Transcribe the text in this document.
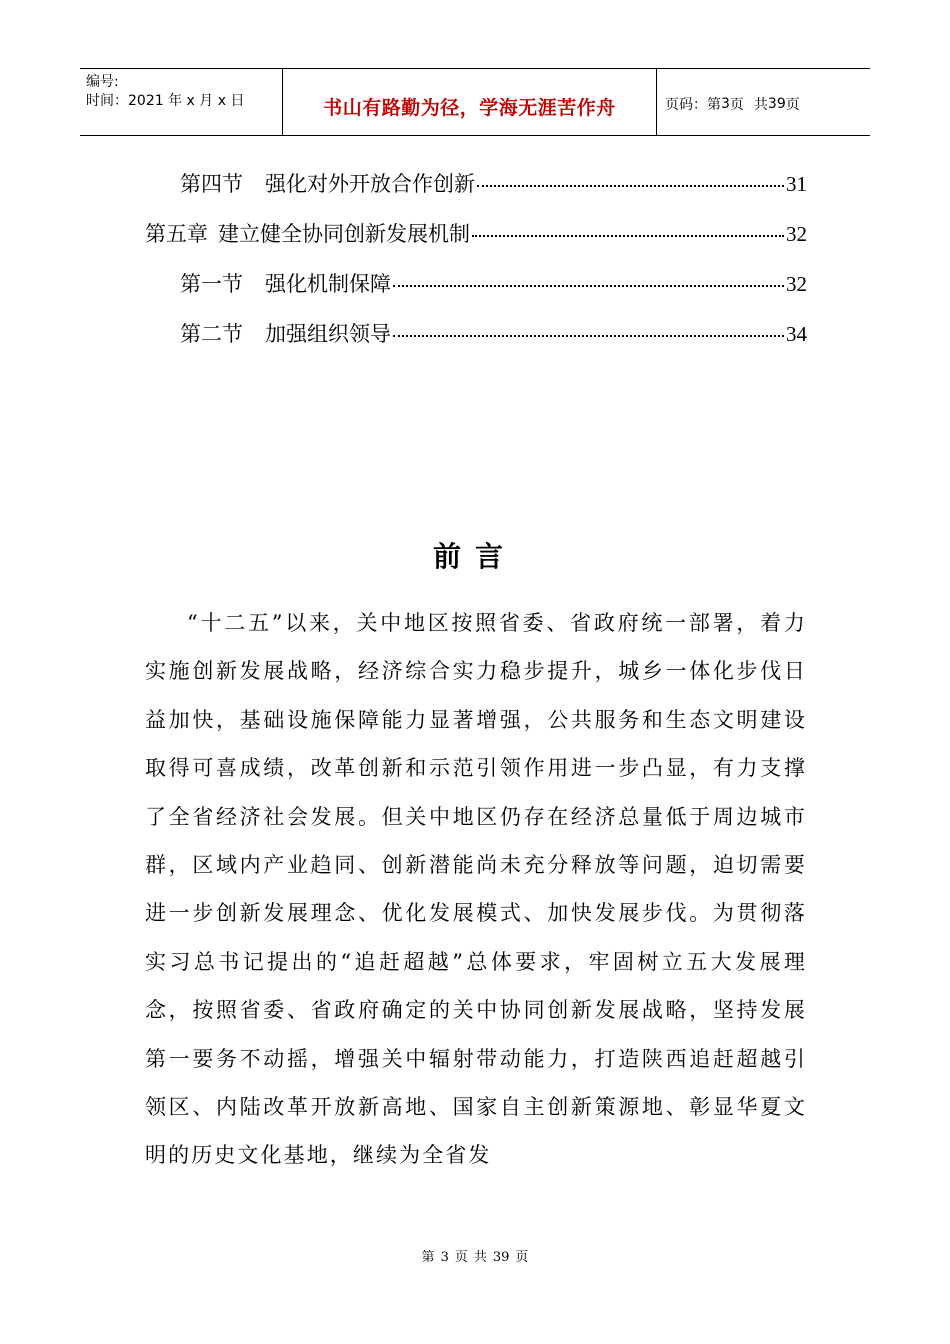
编号:
时间：2021 年 x 月 x 日	书山有路勤为径，学海无涯苦作舟	页码：第 3 页 共 39 页
第四节 强化对外开放合作创新	31
第五章 建立健全协同创新发展机制	32
第一节 强化机制保障	32
第二节 加强组织领导	34
前言
“十二五”以来，关中地区按照省委、省政府统一部署，着力实施创新发展战略，经济综合实力稳步提升，城乡一体化步伐日益加快，基础设施保障能力显著增强，公共服务和生态文明建设取得可喜成绩，改革创新和示范引领作用进一步凸显，有力支撑了全省经济社会发展。但关中地区仍存在经济总量低于周边城市群，区域内产业趋同、创新潜能尚未充分释放等问题，迫切需要进一步创新发展理念、优化发展模式、加快发展步伐。为贯彻落实习总书记提出的“追赶超越”总体要求，牢固树立五大发展理念，按照省委、省政府确定的关中协同创新发展战略，坚持发展第一要务不动摇，增强关中辐射带动能力，打造陕西追赶超越引领区、内陆改革开放新高地、国家自主创新策源地、彰显华夏文明的历史文化基地，继续为全省发
第 3 页 共 39 页
